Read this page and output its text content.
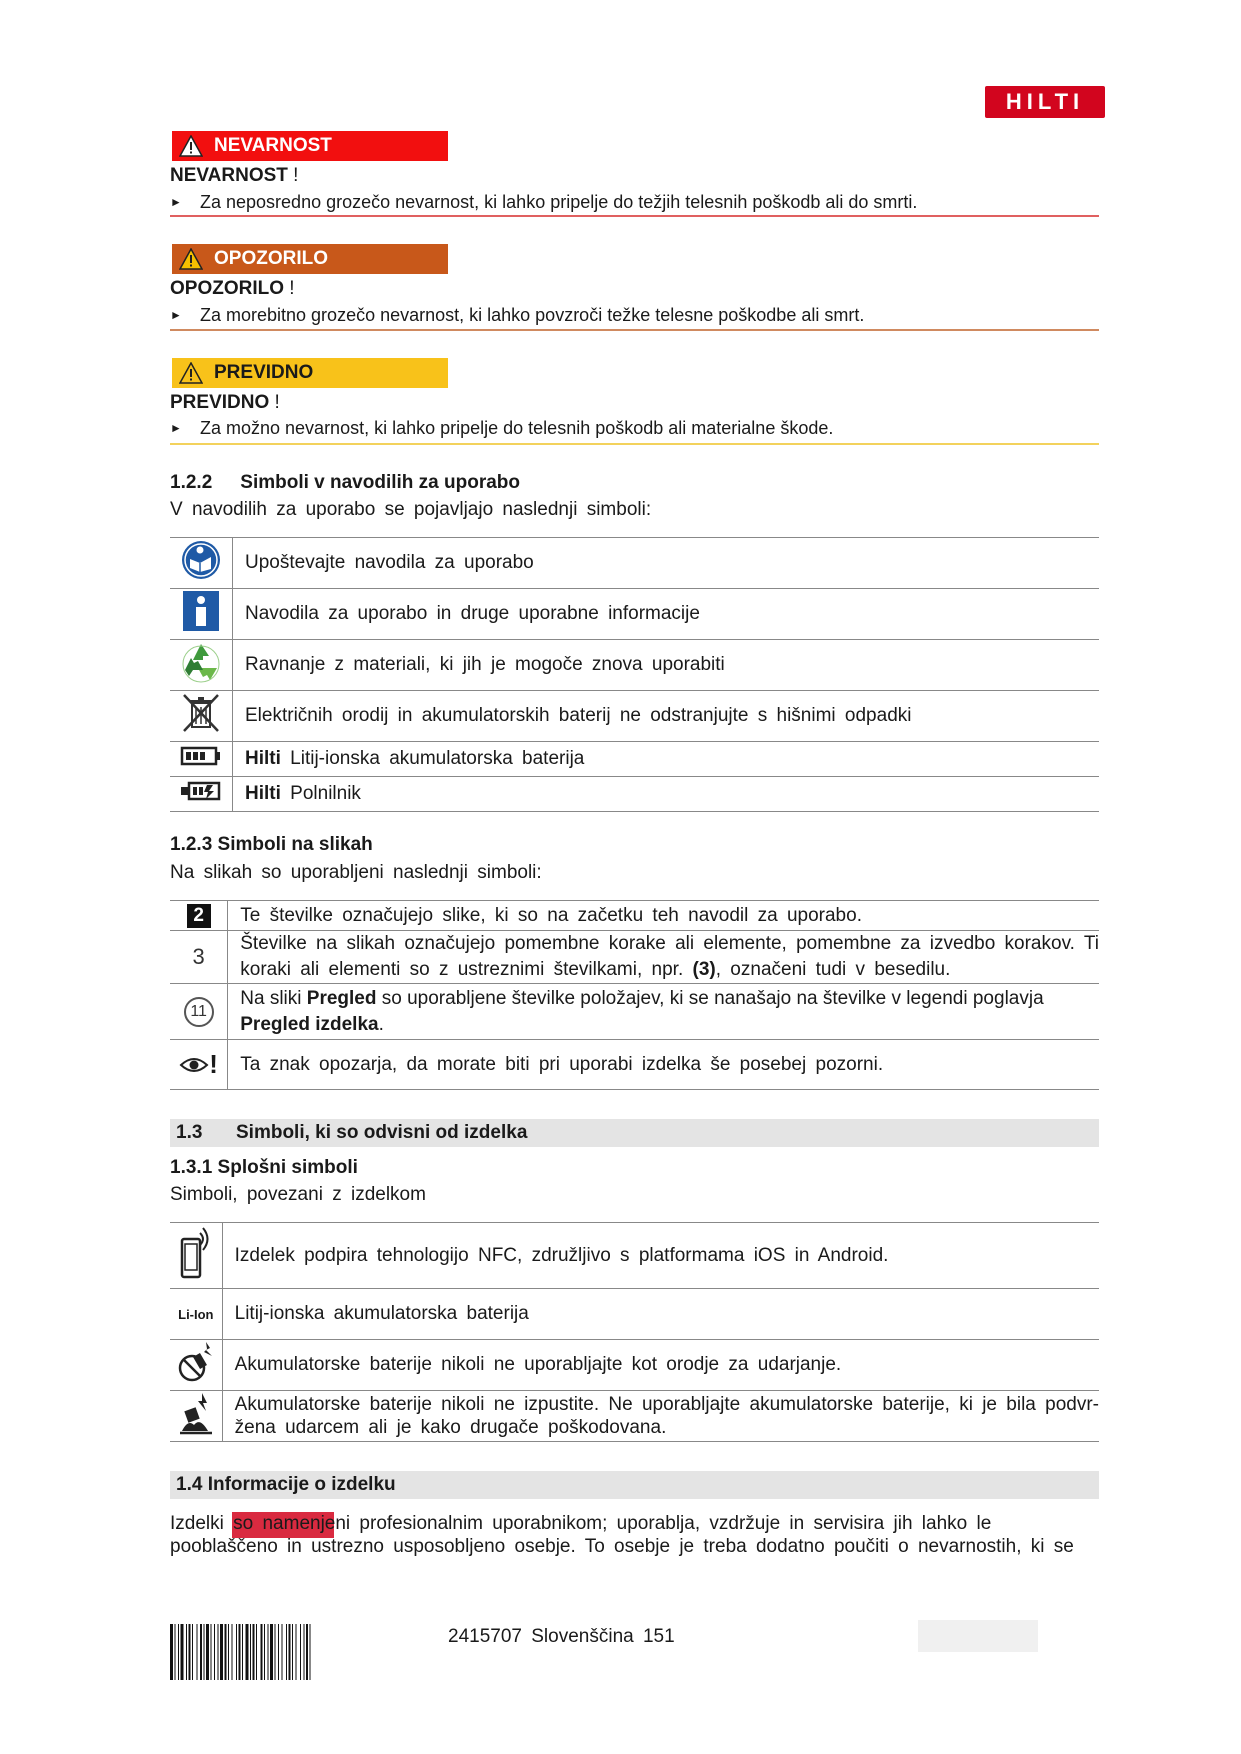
HILTI
NEVARNOST
NEVARNOST !
►	Za neposredno grozečo nevarnost, ki lahko pripelje do težjih telesnih poškodb ali do smrti.
OPOZORILO
OPOZORILO !
►	Za morebitno grozečo nevarnost, ki lahko povzroči težke telesne poškodbe ali smrt.
PREVIDNO
PREVIDNO !
►	Za možno nevarnost, ki lahko pripelje do telesnih poškodb ali materialne škode.
1.2.2 Simboli v navodilih za uporabo
V navodilih za uporabo se pojavljajo naslednji simboli:
	Upoštevajte navodila za uporabo
	Navodila za uporabo in druge uporabne informacije
	Ravnanje z materiali, ki jih je mogoče znova uporabiti
	Električnih orodij in akumulatorskih baterij ne odstranjujte s hišnimi odpadki
	Hilti Litij-ionska akumulatorska baterija
	Hilti Polnilnik
1.2.3 Simboli na slikah
Na slikah so uporabljeni naslednji simboli:
2	Te številke označujejo slike, ki so na začetku teh navodil za uporabo.
3	Številke na slikah označujejo pomembne korake ali elemente, pomembne za izvedbo korakov. Ti
koraki ali elementi so z ustreznimi številkami, npr. (3), označeni tudi v besedilu.

11	Na sliki Pregled so uporabljene številke položajev, ki se nanašajo na številke v legendi poglavja
Pregled izdelka.

!	Ta znak opozarja, da morate biti pri uporabi izdelka še posebej pozorni.
1.3	Simboli, ki so odvisni od izdelka
1.3.1 Splošni simboli
Simboli, povezani z izdelkom
	Izdelek podpira tehnologijo NFC, združljivo s platformama iOS in Android.
Li-Ion	Litij-ionska akumulatorska baterija
	Akumulatorske baterije nikoli ne uporabljajte kot orodje za udarjanje.

Akumulatorske baterije nikoli ne izpustite. Ne uporabljajte akumulatorske baterije, ki je bila podvr-
žena udarcem ali je kako drugače poškodovana.
1.4 Informacije o izdelku
Izdelki so namenjeni profesionalnim uporabnikom; uporablja, vzdržuje in servisira jih lahko le
pooblaščeno in ustrezno usposobljeno osebje. To osebje je treba dodatno poučiti o nevarnostih, ki se
2415707 Slovenščina 151
